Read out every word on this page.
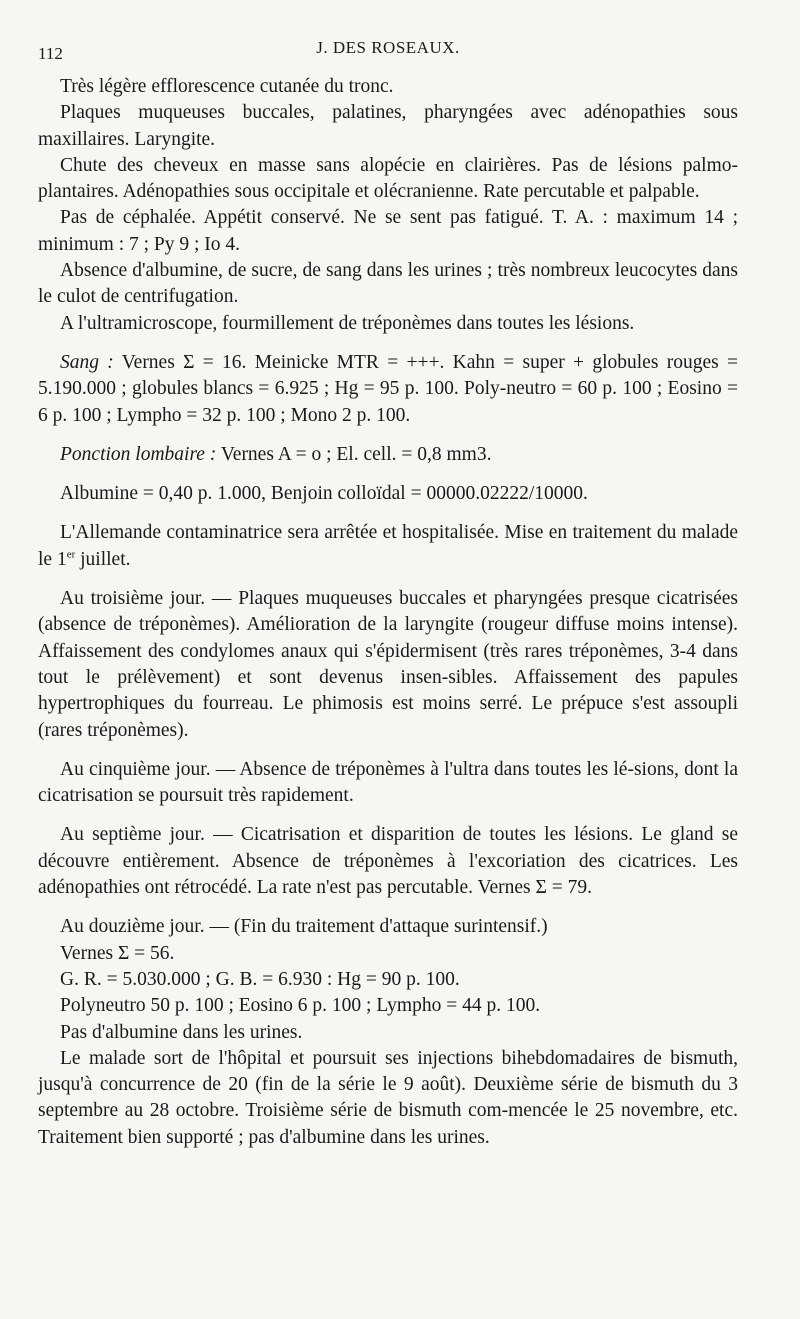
112	J. DES ROSEAUX.

Très légère efflorescence cutanée du tronc.

Plaques muqueuses buccales, palatines, pharyngées avec adénopathies sous maxillaires. Laryngite.

Chute des cheveux en masse sans alopécie en clairières. Pas de lésions palmo-plantaires. Adénopathies sous occipitale et olécranienne. Rate percutable et palpable.

Pas de céphalée. Appétit conservé. Ne se sent pas fatigué. T. A. : maximum 14 ; minimum : 7 ; Py 9 ; Io 4.

Absence d'albumine, de sucre, de sang dans les urines ; très nombreux leucocytes dans le culot de centrifugation.

A l'ultramicroscope, fourmillement de tréponèmes dans toutes les lésions.

Sang : Vernes Σ = 16. Meinicke MTR = +++. Kahn = super + globules rouges = 5.190.000 ; globules blancs = 6.925 ; Hg = 95 p. 100. Poly-neutro = 60 p. 100 ; Eosino = 6 p. 100 ; Lympho = 32 p. 100 ; Mono 2 p. 100.

Ponction lombaire : Vernes A = o ; El. cell. = 0,8 mm3.

Albumine = 0,40 p. 1.000, Benjoin colloïdal = 00000.02222/10000.

L'Allemande contaminatrice sera arrêtée et hospitalisée. Mise en traitement du malade le 1er juillet.

Au troisième jour. — Plaques muqueuses buccales et pharyngées presque cicatrisées (absence de tréponèmes). Amélioration de la laryngite (rougeur diffuse moins intense). Affaissement des condylomes anaux qui s'épidermisent (très rares tréponèmes, 3-4 dans tout le prélèvement) et sont devenus insen-sibles. Affaissement des papules hypertrophiques du fourreau. Le phimosis est moins serré. Le prépuce s'est assoupli (rares tréponèmes).

Au cinquième jour. — Absence de tréponèmes à l'ultra dans toutes les lé-sions, dont la cicatrisation se poursuit très rapidement.

Au septième jour. — Cicatrisation et disparition de toutes les lésions. Le gland se découvre entièrement. Absence de tréponèmes à l'excoriation des cicatrices. Les adénopathies ont rétrocédé. La rate n'est pas percutable. Vernes Σ = 79.

Au douzième jour. — (Fin du traitement d'attaque surintensif.)

Vernes Σ = 56.

G. R. = 5.030.000 ; G. B. = 6.930 : Hg = 90 p. 100.

Polyneutro 50 p. 100 ; Eosino 6 p. 100 ; Lympho = 44 p. 100.

Pas d'albumine dans les urines.

Le malade sort de l'hôpital et poursuit ses injections bihebdomadaires de bismuth, jusqu'à concurrence de 20 (fin de la série le 9 août). Deuxième série de bismuth du 3 septembre au 28 octobre. Troisième série de bismuth com-mencée le 25 novembre, etc. Traitement bien supporté ; pas d'albumine dans les urines.
